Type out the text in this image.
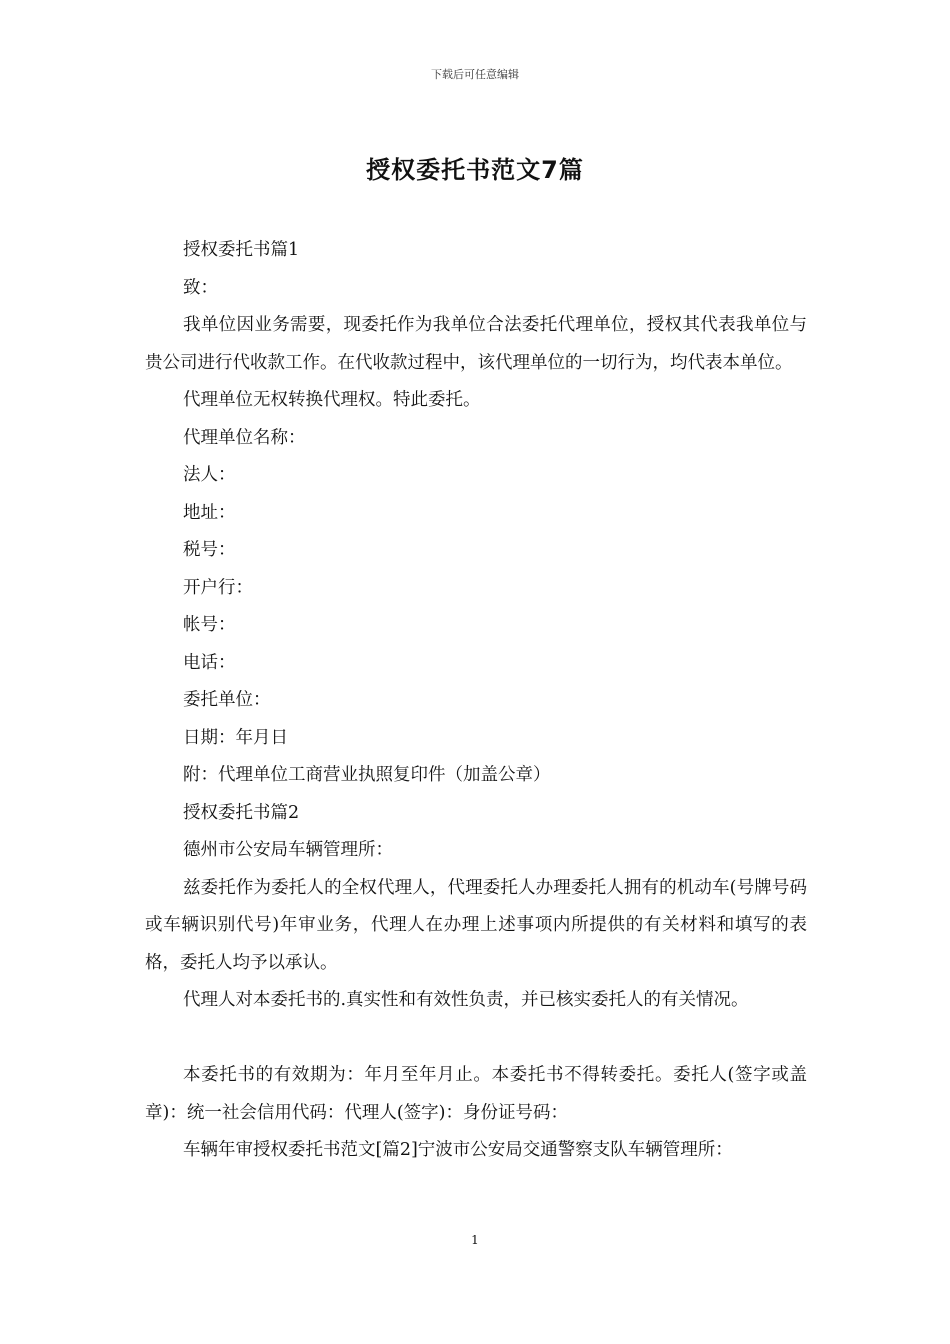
下载后可任意编辑
授权委托书范文7篇

授权委托书篇1

致：

我单位因业务需要，现委托作为我单位合法委托代理单位，授权其代表我单位与贵公司进行代收款工作。在代收款过程中，该代理单位的一切行为，均代表本单位。

代理单位无权转换代理权。特此委托。

代理单位名称：

法人：

地址：

税号：

开户行：

帐号：

电话：

委托单位：

日期：年月日

附：代理单位工商营业执照复印件（加盖公章）

授权委托书篇2

德州市公安局车辆管理所：

兹委托作为委托人的全权代理人，代理委托人办理委托人拥有的机动车(号牌号码或车辆识别代号)年审业务，代理人在办理上述事项内所提供的有关材料和填写的表格，委托人均予以承认。

代理人对本委托书的.真实性和有效性负责，并已核实委托人的有关情况。

本委托书的有效期为：年月至年月止。本委托书不得转委托。委托人(签字或盖章)：统一社会信用代码：代理人(签字)：身份证号码：

车辆年审授权委托书范文[篇2]宁波市公安局交通警察支队车辆管理所：

1
